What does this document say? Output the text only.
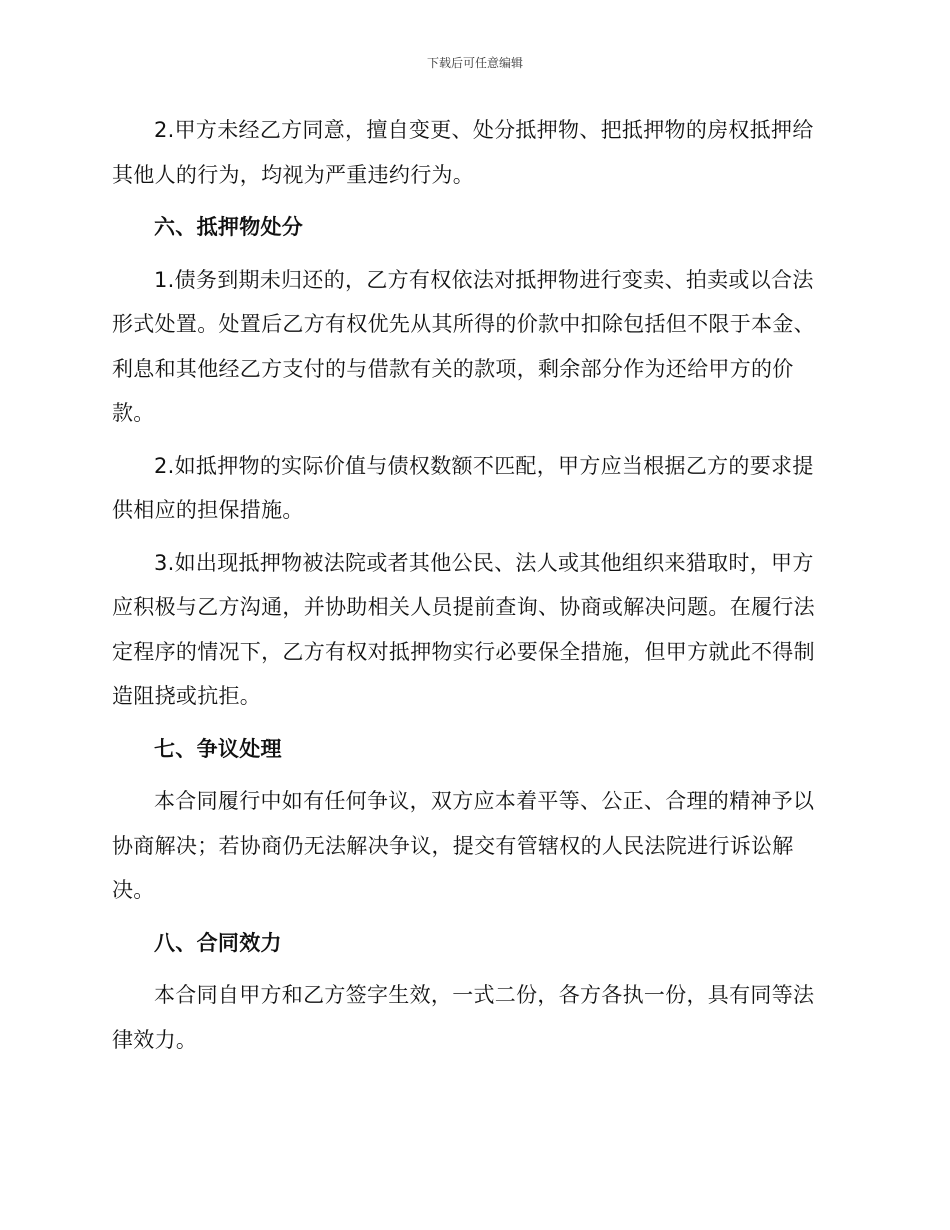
下载后可任意编辑

2.甲方未经乙方同意，擅自变更、处分抵押物、把抵押物的房权抵押给其他人的行为，均视为严重违约行为。

六、抵押物处分

1.债务到期未归还的，乙方有权依法对抵押物进行变卖、拍卖或以合法形式处置。处置后乙方有权优先从其所得的价款中扣除包括但不限于本金、利息和其他经乙方支付的与借款有关的款项，剩余部分作为还给甲方的价款。

2.如抵押物的实际价值与债权数额不匹配，甲方应当根据乙方的要求提供相应的担保措施。

3.如出现抵押物被法院或者其他公民、法人或其他组织来猎取时，甲方应积极与乙方沟通，并协助相关人员提前查询、协商或解决问题。在履行法定程序的情况下，乙方有权对抵押物实行必要保全措施，但甲方就此不得制造阻挠或抗拒。

七、争议处理

本合同履行中如有任何争议，双方应本着平等、公正、合理的精神予以协商解决；若协商仍无法解决争议，提交有管辖权的人民法院进行诉讼解决。

八、合同效力

本合同自甲方和乙方签字生效，一式二份，各方各执一份，具有同等法律效力。
